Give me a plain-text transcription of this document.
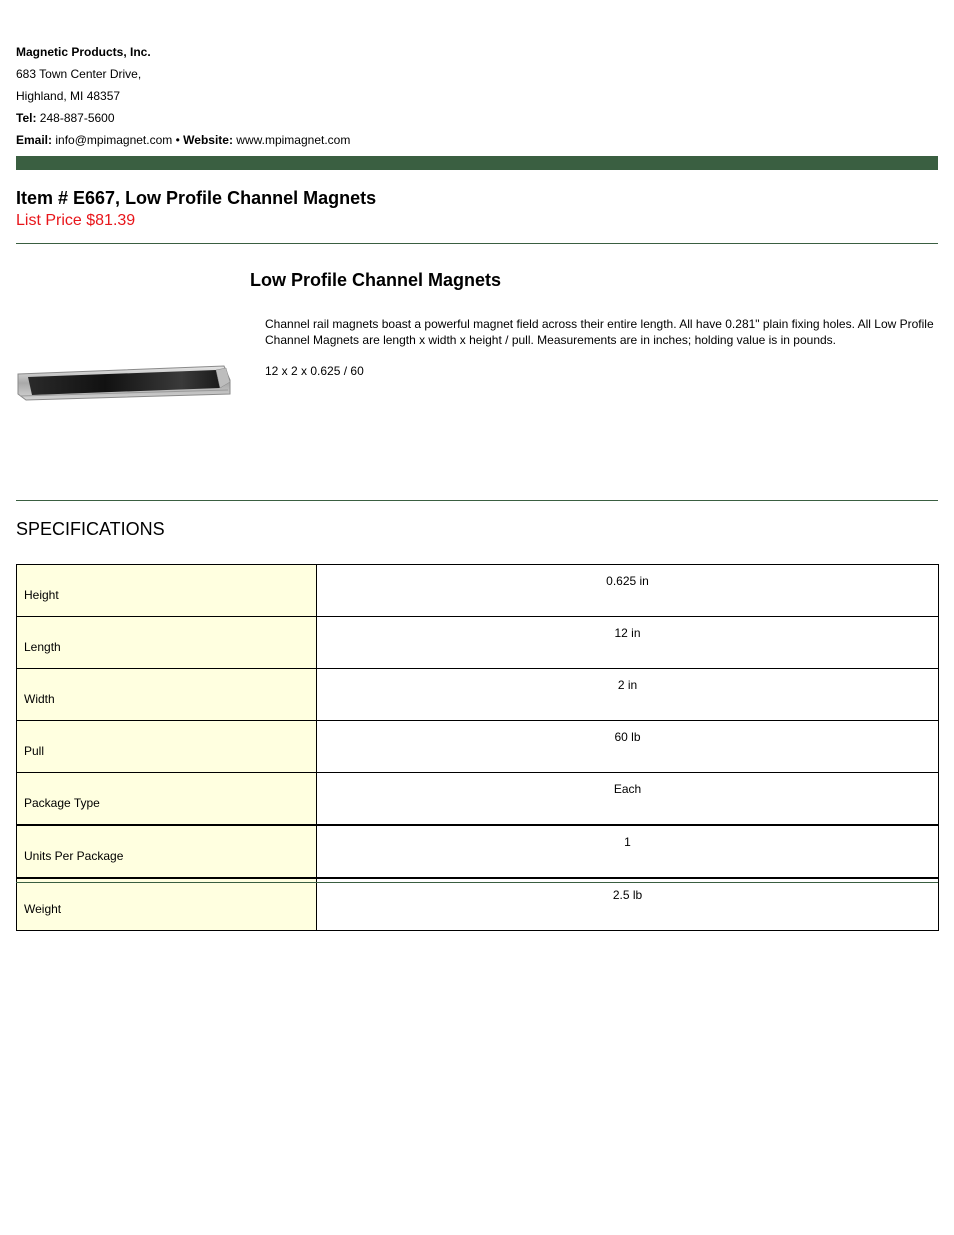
Magnetic Products, Inc.
683 Town Center Drive,
Highland, MI 48357
Tel: 248-887-5600
Email: info@mpimagnet.com • Website: www.mpimagnet.com
Item # E667, Low Profile Channel Magnets
List Price $81.39
Low Profile Channel Magnets

Channel rail magnets boast a powerful magnet field across their entire length. All have 0.281" plain fixing holes. All Low Profile Channel Magnets are length x width x height / pull. Measurements are in inches; holding value is in pounds.

12 x 2 x 0.625 / 60

SPECIFICATIONS
Height	0.625 in
Length	12 in
Width	2 in
Pull	60 lb
Package Type	Each
Units Per Package	1
Weight	2.5 lb
